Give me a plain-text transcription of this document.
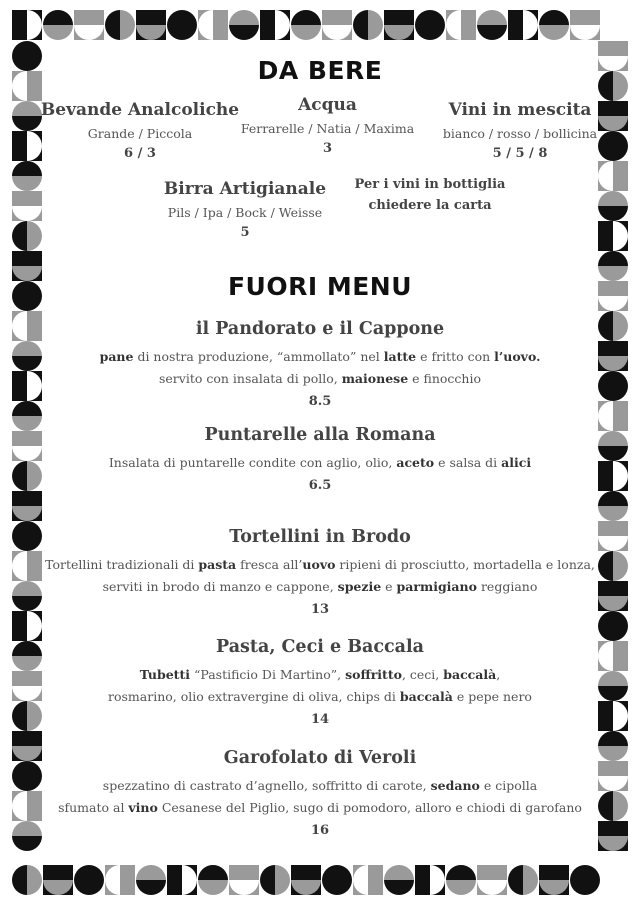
DA BERE
Bevande Analcoliche
Grande / Piccola
6 / 3
Acqua
Ferrarelle / Natia / Maxima
3
Vini in mescita
bianco / rosso / bollicina
5 / 5 / 8
Birra Artigianale
Pils / Ipa / Bock / Weisse
5
Per i vini in bottiglia
chiedere la carta
FUORI MENU
il Pandorato e il Cappone
pane di nostra produzione, “ammollato” nel latte e fritto con l’uovo.
servito con insalata di pollo, maionese e finocchio
8.5
Puntarelle alla Romana
Insalata di puntarelle condite con aglio, olio, aceto e salsa di alici
6.5
Tortellini in Brodo
Tortellini tradizionali di pasta fresca all’uovo ripieni di prosciutto, mortadella e lonza,
serviti in brodo di manzo e cappone, spezie e parmigiano reggiano
13
Pasta, Ceci e Baccala
Tubetti “Pastificio Di Martino”, soffritto, ceci, baccalà,
rosmarino, olio extravergine di oliva, chips di baccalà e pepe nero
14
Garofolato di Veroli
spezzatino di castrato d’agnello, soffritto di carote, sedano e cipolla
sfumato al vino Cesanese del Piglio, sugo di pomodoro, alloro e chiodi di garofano
16
